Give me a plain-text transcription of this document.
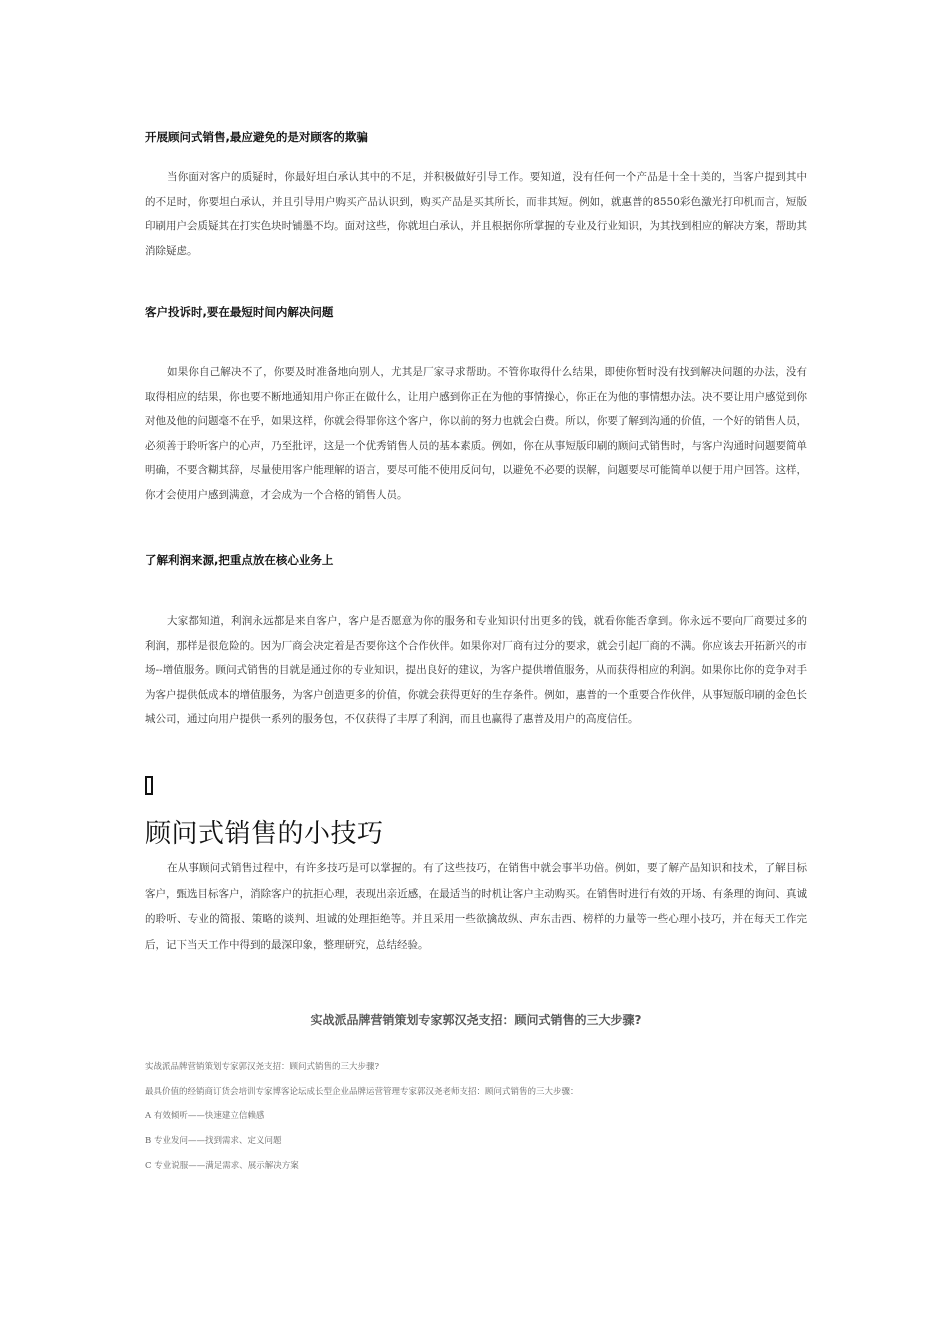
开展顾问式销售,最应避免的是对顾客的欺骗

当你面对客户的质疑时，你最好坦白承认其中的不足，并积极做好引导工作。要知道，没有任何一个产品是十全十美的，当客户提到其中的不足时，你要坦白承认，并且引导用户购买产品认识到，购买产品是买其所长，而非其短。例如，就惠普的8550彩色激光打印机而言，短版印刷用户会质疑其在打实色块时铺墨不均。面对这些，你就坦白承认，并且根据你所掌握的专业及行业知识，为其找到相应的解决方案，帮助其消除疑虑。

客户投诉时,要在最短时间内解决问题

如果你自己解决不了，你要及时准备地向别人，尤其是厂家寻求帮助。不管你取得什么结果，即使你暂时没有找到解决问题的办法，没有取得相应的结果，你也要不断地通知用户你正在做什么，让用户感到你正在为他的事情操心，你正在为他的事情想办法。决不要让用户感觉到你对他及他的问题毫不在乎，如果这样，你就会得罪你这个客户，你以前的努力也就会白费。所以，你要了解到沟通的价值，一个好的销售人员，必须善于聆听客户的心声，乃至批评，这是一个优秀销售人员的基本素质。例如，你在从事短版印刷的顾问式销售时，与客户沟通时问题要简单明确，不要含糊其辞，尽量使用客户能理解的语言，要尽可能不使用反问句，以避免不必要的误解，问题要尽可能简单以便于用户回答。这样，你才会使用户感到满意，才会成为一个合格的销售人员。

了解利润来源,把重点放在核心业务上

大家都知道，利润永远都是来自客户，客户是否愿意为你的服务和专业知识付出更多的钱，就看你能否拿到。你永远不要向厂商要过多的利润，那样是很危险的。因为厂商会决定着是否要你这个合作伙伴。如果你对厂商有过分的要求，就会引起厂商的不满。你应该去开拓新兴的市场--增值服务。顾问式销售的目就是通过你的专业知识，提出良好的建议，为客户提供增值服务，从而获得相应的利润。如果你比你的竞争对手为客户提供低成本的增值服务，为客户创造更多的价值，你就会获得更好的生存条件。例如，惠普的一个重要合作伙伴，从事短版印刷的金色长城公司，通过向用户提供一系列的服务包，不仅获得了丰厚了利润，而且也赢得了惠普及用户的高度信任。

顾问式销售的小技巧

在从事顾问式销售过程中，有许多技巧是可以掌握的。有了这些技巧，在销售中就会事半功倍。例如，要了解产品知识和技术，了解目标客户，甄选目标客户，消除客户的抗拒心理，表现出亲近感，在最适当的时机让客户主动购买。在销售时进行有效的开场、有条理的询问、真诚的聆听、专业的简报、策略的谈判、坦诚的处理拒绝等。并且采用一些欲擒故纵、声东击西、榜样的力量等一些心理小技巧，并在每天工作完后，记下当天工作中得到的最深印象，整理研究，总结经验。

实战派品牌营销策划专家郭汉尧支招：顾问式销售的三大步骤?
实战派品牌营销策划专家郭汉尧支招：顾问式销售的三大步骤?
最具价值的经销商订货会培训专家博客论坛成长型企业品牌运营管理专家郭汉尧老师支招：顾问式销售的三大步骤：
A 有效倾听——快速建立信赖感
B 专业发问——找到需求、定义问题
C 专业说服——满足需求、展示解决方案
